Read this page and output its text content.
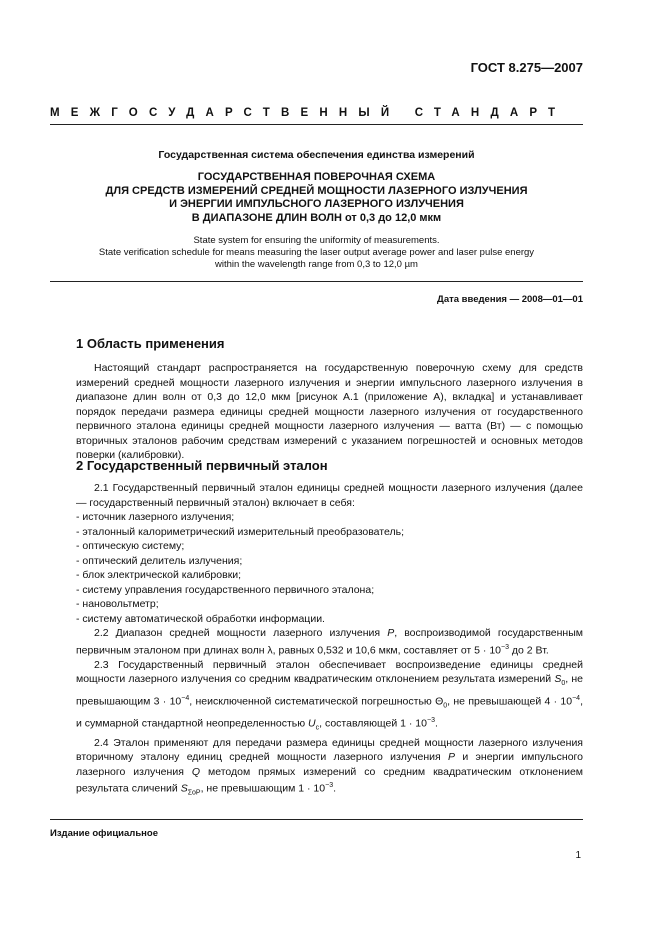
ГОСТ 8.275—2007
МЕЖГОСУДАРСТВЕННЫЙ СТАНДАРТ
Государственная система обеспечения единства измерений
ГОСУДАРСТВЕННАЯ ПОВЕРОЧНАЯ СХЕМА
ДЛЯ СРЕДСТВ ИЗМЕРЕНИЙ СРЕДНЕЙ МОЩНОСТИ ЛАЗЕРНОГО ИЗЛУЧЕНИЯ
И ЭНЕРГИИ ИМПУЛЬСНОГО ЛАЗЕРНОГО ИЗЛУЧЕНИЯ
В ДИАПАЗОНЕ ДЛИН ВОЛН от 0,3 до 12,0 мкм
State system for ensuring the uniformity of measurements.
State verification schedule for means measuring the laser output average power and laser pulse energy
within the wavelength range from 0,3 to 12,0 µm
Дата введения — 2008—01—01
1 Область применения

Настоящий стандарт распространяется на государственную поверочную схему для средств измерений средней мощности лазерного излучения и энергии импульсного лазерного излучения в диапазоне длин волн от 0,3 до 12,0 мкм [рисунок А.1 (приложение А), вкладка] и устанавливает порядок передачи размера единицы средней мощности лазерного излучения от государственного первичного эталона единицы средней мощности лазерного излучения — ватта (Вт) — с помощью вторичных эталонов рабочим средствам измерений с указанием погрешностей и основных методов поверки (калибровки).

2 Государственный первичный эталон

2.1 Государственный первичный эталон единицы средней мощности лазерного излучения (далее — государственный первичный эталон) включает в себя:

- источник лазерного излучения;

- эталонный калориметрический измерительный преобразователь;

- оптическую систему;

- оптический делитель излучения;

- блок электрической калибровки;

- систему управления государственного первичного эталона;

- нановольтметр;

- систему автоматической обработки информации.

2.2 Диапазон средней мощности лазерного излучения P, воспроизводимой государственным первичным эталоном при длинах волн λ, равных 0,532 и 10,6 мкм, составляет от $5 \cdot 10^{-3}$ до 2 Вт.

2.3 Государственный первичный эталон обеспечивает воспроизведение единицы средней мощности лазерного излучения со средним квадратическим отклонением результата измерений $S_0$, не превышающим $3 \cdot 10^{-4}$, неисключенной систематической погрешностью $\Theta_0$, не превышающей $4 \cdot 10^{-4}$, и суммарной стандартной неопределенностью $U_c$, составляющей $1 \cdot 10^{-3}$.

2.4 Эталон применяют для передачи размера единицы средней мощности лазерного излучения вторичному эталону единиц средней мощности лазерного излучения P и энергии импульсного лазерного излучения Q методом прямых измерений со средним квадратическим отклонением результата сличений $S_{\Sigma оР}$, не превышающим $1 \cdot 10^{-3}$.

Издание официальное
1
